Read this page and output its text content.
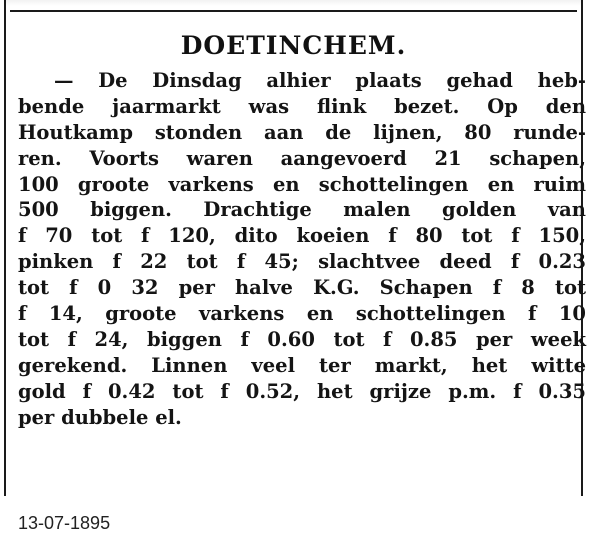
DOETINCHEM.
— De Dinsdag alhier plaats gehad heb-
bende jaarmarkt was flink bezet. Op den
Houtkamp stonden aan de lijnen, 80 runde-
ren. Voorts waren aangevoerd 21 schapen,
100 groote varkens en schottelingen en ruim
500 biggen. Drachtige malen golden van
f 70 tot f 120, dito koeien f 80 tot f 150,
pinken f 22 tot f 45; slachtvee deed f 0.23
tot f 0 32 per halve K.G. Schapen f 8 tot
f 14, groote varkens en schottelingen f 10
tot f 24, biggen f 0.60 tot f 0.85 per week
gerekend. Linnen veel ter markt, het witte
gold f 0.42 tot f 0.52, het grijze p.m. f 0.35
per dubbele el.
13-07-1895
